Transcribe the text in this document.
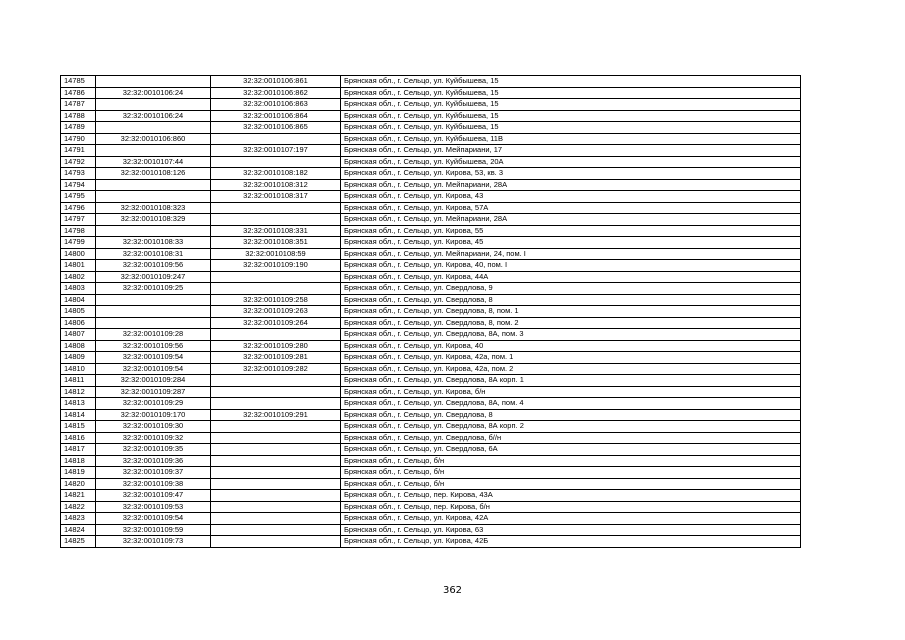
14785		32:32:0010106:861	Брянская обл., г. Сельцо, ул. Куйбышева, 15
14786	32:32:0010106:24	32:32:0010106:862	Брянская обл., г. Сельцо, ул. Куйбышева, 15
14787		32:32:0010106:863	Брянская обл., г. Сельцо, ул. Куйбышева, 15
14788	32:32:0010106:24	32:32:0010106:864	Брянская обл., г. Сельцо, ул. Куйбышева, 15
14789		32:32:0010106:865	Брянская обл., г. Сельцо, ул. Куйбышева, 15
14790	32:32:0010106:860		Брянская обл., г. Сельцо, ул. Куйбышева, 11В
14791		32:32:0010107:197	Брянская обл., г. Сельцо, ул. Мейпариани, 17
14792	32:32:0010107:44		Брянская обл., г. Сельцо, ул. Куйбышева, 20А
14793	32:32:0010108:126	32:32:0010108:182	Брянская обл., г. Сельцо, ул. Кирова, 53, кв. 3
14794		32:32:0010108:312	Брянская обл., г. Сельцо, ул. Мейпариани, 28А
14795		32:32:0010108:317	Брянская обл., г. Сельцо, ул. Кирова, 43
14796	32:32:0010108:323		Брянская обл., г. Сельцо, ул. Кирова, 57А
14797	32:32:0010108:329		Брянская обл., г. Сельцо, ул. Мейпариани, 28А
14798		32:32:0010108:331	Брянская обл., г. Сельцо, ул. Кирова, 55
14799	32:32:0010108:33	32:32:0010108:351	Брянская обл., г. Сельцо, ул. Кирова, 45
14800	32:32:0010108:31	32:32:0010108:59	Брянская обл., г. Сельцо, ул. Мейпариани, 24, пом. I
14801	32:32:0010109:56	32:32:0010109:190	Брянская обл., г. Сельцо, ул. Кирова, 40, пом. I
14802	32:32:0010109:247		Брянская обл., г. Сельцо, ул. Кирова, 44А
14803	32:32:0010109:25		Брянская обл., г. Сельцо, ул. Свердлова, 9
14804		32:32:0010109:258	Брянская обл., г. Сельцо, ул. Свердлова, 8
14805		32:32:0010109:263	Брянская обл., г. Сельцо, ул. Свердлова, 8, пом. 1
14806		32:32:0010109:264	Брянская обл., г. Сельцо, ул. Свердлова, 8, пом. 2
14807	32:32:0010109:28		Брянская обл., г. Сельцо, ул. Свердлова, 8А, пом. 3
14808	32:32:0010109:56	32:32:0010109:280	Брянская обл., г. Сельцо, ул. Кирова, 40
14809	32:32:0010109:54	32:32:0010109:281	Брянская обл., г. Сельцо, ул. Кирова, 42а, пом. 1
14810	32:32:0010109:54	32:32:0010109:282	Брянская обл., г. Сельцо, ул. Кирова, 42а, пом. 2
14811	32:32:0010109:284		Брянская обл., г. Сельцо, ул. Свердлова, 8А корп. 1
14812	32:32:0010109:287		Брянская обл., г. Сельцо, ул. Кирова, б/н
14813	32:32:0010109:29		Брянская обл., г. Сельцо, ул. Свердлова, 8А, пом. 4
14814	32:32:0010109:170	32:32:0010109:291	Брянская обл., г. Сельцо, ул. Свердлова, 8
14815	32:32:0010109:30		Брянская обл., г. Сельцо, ул. Свердлова, 8А корп. 2
14816	32:32:0010109:32		Брянская обл., г. Сельцо, ул. Свердлова, б//н
14817	32:32:0010109:35		Брянская обл., г. Сельцо, ул. Свердлова, 6А
14818	32:32:0010109:36		Брянская обл., г. Сельцо, б/н
14819	32:32:0010109:37		Брянская обл., г. Сельцо, б/н
14820	32:32:0010109:38		Брянская обл., г. Сельцо, б/н
14821	32:32:0010109:47		Брянская обл., г. Сельцо, пер. Кирова, 43А
14822	32:32:0010109:53		Брянская обл., г. Сельцо, пер. Кирова, б/н
14823	32:32:0010109:54		Брянская обл., г. Сельцо, ул. Кирова, 42А
14824	32:32:0010109:59		Брянская обл., г. Сельцо, ул. Кирова, 63
14825	32:32:0010109:73		Брянская обл., г. Сельцо, ул. Кирова, 42Б
362
